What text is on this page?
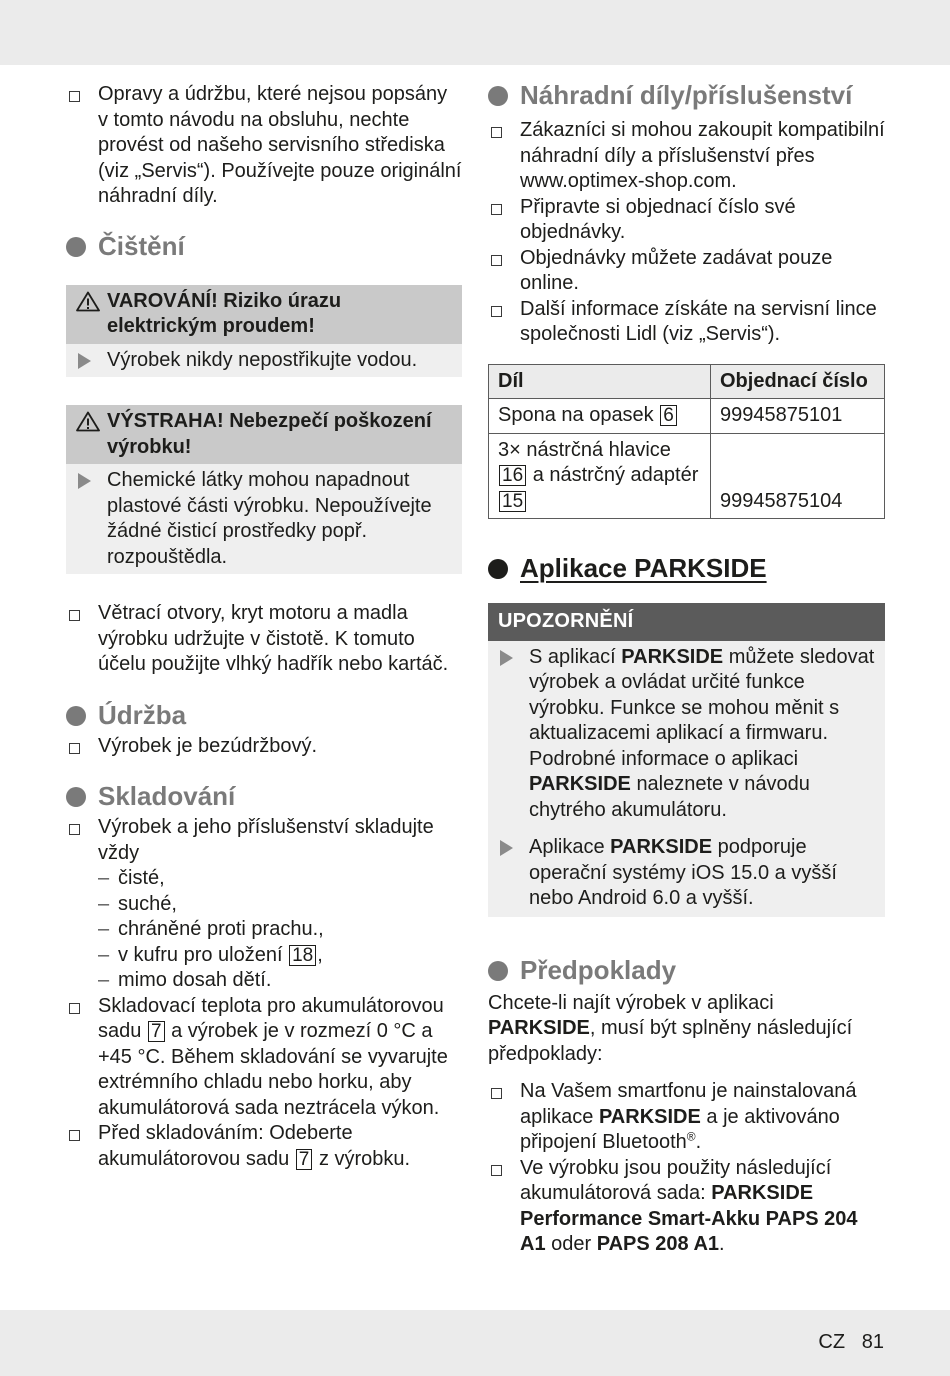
Opravy a údržbu, které nejsou popsány v tomto návodu na obsluhu, nechte provést od našeho servisního střediska (viz „Servis“). Používejte pouze originální náhradní díly.

Čištění
VAROVÁNÍ! Riziko úrazu elektrickým proudem!
Výrobek nikdy nepostřikujte vodou.
VÝSTRAHA! Nebezpečí poškození výrobku!
Chemické látky mohou napadnout plastové části výrobku. Nepoužívejte žádné čisticí prostředky popř. rozpouštědla.

Větrací otvory, kryt motoru a madla výrobku udržujte v čistotě. K tomuto účelu použijte vlhký hadřík nebo kartáč.

Údržba

Výrobek je bezúdržbový.

Skladování

Výrobek a jeho příslušenství skladujte vždy

– čisté,

– suché,

– chráněné proti prachu.,

– v kufru pro uložení 18 ,

– mimo dosah dětí.

Skladovací teplota pro akumulátorovou sadu 7 a výrobek je v rozmezí 0 °C a +45 °C. Během skladování se vyvarujte extrémního chladu nebo horku, aby akumulátorová sada neztrácela výkon.

Před skladováním: Odeberte akumulátorovou sadu 7 z výrobku.

Náhradní díly/příslušenství

Zákazníci si mohou zakoupit kompatibilní náhradní díly a příslušenství přes www.optimex-shop.com.

Připravte si objednací číslo své objednávky.

Objednávky můžete zadávat pouze online.

Další informace získáte na servisní lince společnosti Lidl (viz „Servis“).

Díl	Objednací číslo
Spona na opasek 6	99945875101
3× nástrčná hlavice 16 a nástrčný adaptér 15	99945875104
Aplikace PARKSIDE
UPOZORNĚNÍ
S aplikací PARKSIDE můžete sledovat výrobek a ovládat určité funkce výrobku. Funkce se mohou měnit s aktualizacemi aplikací a firmwaru. Podrobné informace o aplikaci PARKSIDE naleznete v návodu chytrého akumulátoru.
Aplikace PARKSIDE podporuje operační systémy iOS 15.0 a vyšší nebo Android 6.0 a vyšší.
Předpoklady

Chcete-li najít výrobek v aplikaci PARKSIDE, musí být splněny následující předpoklady:

Na Vašem smartfonu je nainstalovaná aplikace PARKSIDE a je aktivováno připojení Bluetooth®.

Ve výrobku jsou použity následující akumulátorová sada: PARKSIDE Performance Smart-Akku PAPS 204 A1 oder PAPS 208 A1.

CZ 81
